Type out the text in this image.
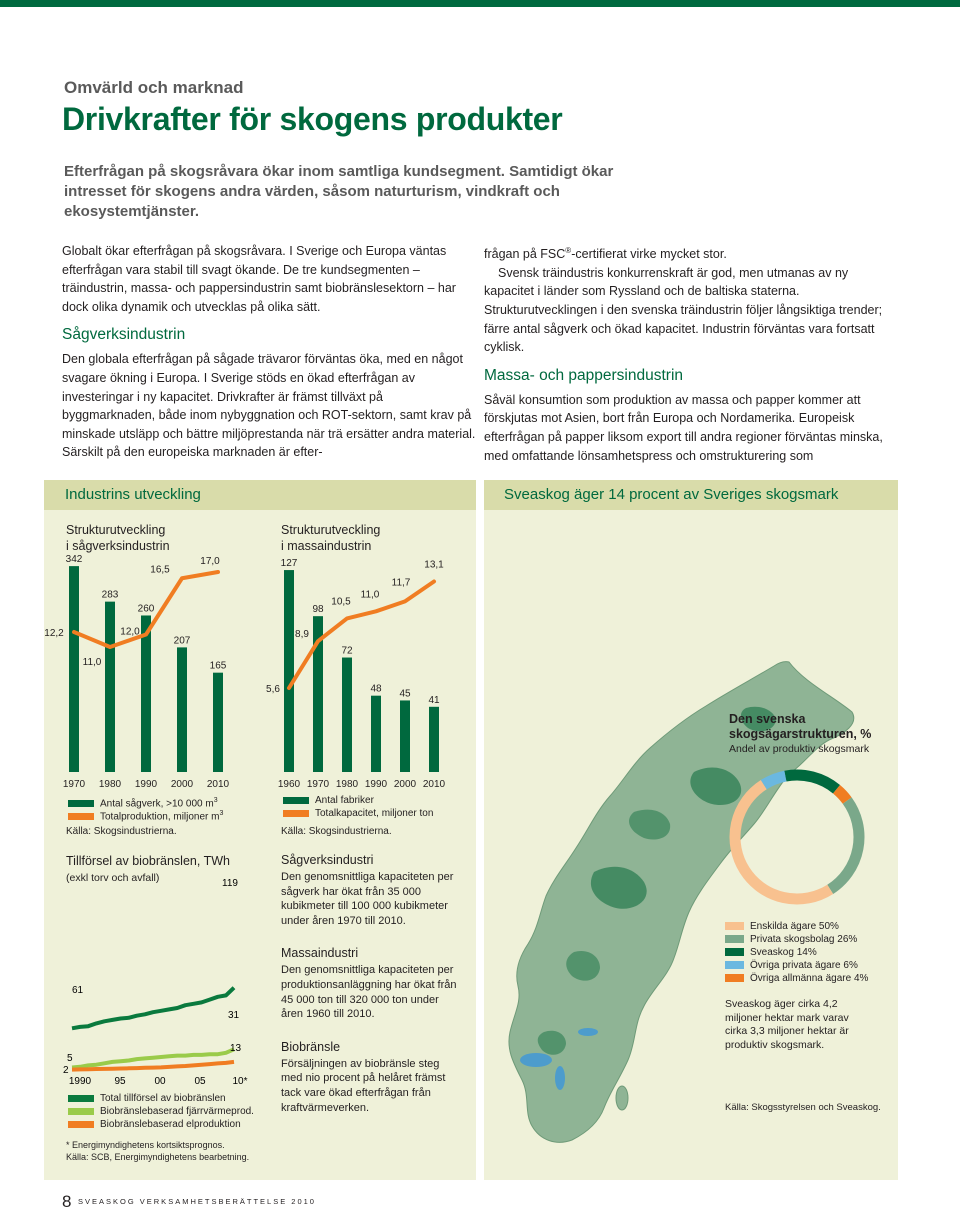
Omvärld och marknad
Drivkrafter för skogens produkter
Efterfrågan på skogsråvara ökar inom samtliga kundsegment. Samtidigt ökar intresset för skogens andra värden, såsom naturturism, vindkraft och ekosystemtjänster.

Globalt ökar efterfrågan på skogsråvara. I Sverige och Europa väntas efterfrågan vara stabil till svagt ökande. De tre kundsegmenten – träindustrin, massa- och pappersindustrin samt biobränslesektorn – har dock olika dynamik och utvecklas på olika sätt.

Sågverksindustrin

Den globala efterfrågan på sågade trävaror förväntas öka, med en något svagare ökning i Europa. I Sverige stöds en ökad efterfrågan av investeringar i ny kapacitet. Drivkrafter är främst tillväxt på byggmarknaden, både inom nybyggnation och ROT-sektorn, samt krav på minskade utsläpp och bättre miljöprestanda när trä ersätter andra material. Särskilt på den europeiska marknaden är efter-

frågan på FSC®-certifierat virke mycket stor.

Svensk träindustris konkurrenskraft är god, men utmanas av ny kapacitet i länder som Ryssland och de baltiska staterna. Strukturutvecklingen i den svenska träindustrin följer långsiktiga trender; färre antal sågverk och ökad kapacitet. Industrin förväntas vara fortsatt cyklisk.

Massa- och pappersindustrin

Såväl konsumtion som produktion av massa och papper kommer att förskjutas mot Asien, bort från Europa och Nordamerika. Europeisk efterfrågan på papper liksom export till andra regioner förväntas minska, med omfattande lönsamhetspress och omstrukturering som

Industrins utveckling	Sveaskog äger 14 procent av Sveriges skogsmark
Strukturutveckling
i sågverksindustrin
Strukturutveckling
i massaindustrin
342
1970
12,2
283
1980
11,0
260
1990
12,0
207
2000
16,5
165
2010
17,0	127
1960
5,6
98
1970
8,9
72
1980
10,5
48
1990
11,0
45
2000
11,7
41
2010
13,1
Antal sågverk, >10 000 $m^3$
Totalproduktion, miljoner $m^3$
Källa: Skogsindustrierna.
Antal fabriker
Totalkapacitet, miljoner ton
Källa: Skogsindustrierna.
Tillförsel av biobränslen, TWh
(exkl torv och avfall)
61
119
5
31
2
13
1990 95	00	05	10*
Total tillförsel av biobränslen
Biobränslebaserad fjärrvärmeprod.
Biobränslebaserad elproduktion
* Energimyndighetens kortsiktsprognos.
Källa: SCB, Energimyndighetens bearbetning.
Sågverksindustri

Den genomsnittliga kapaciteten per sågverk har ökat från 35 000 kubikmeter till 100 000 kubikmeter under åren 1970 till 2010.

Massaindustri

Den genomsnittliga kapaciteten per produktionsanläggning har ökat från 45 000 ton till 320 000 ton under åren 1960 till 2010.

Biobränsle

Försäljningen av biobränsle steg med nio procent på helåret främst tack vare ökad efterfrågan från kraftvärmeverken.

Den svenska
skogsägarstrukturen, %
Andel av produktiv skogsmark
Enskilda ägare 50%
Privata skogsbolag 26%
Sveaskog 14%
Övriga privata ägare 6%
Övriga allmänna ägare 4%
Sveaskog äger cirka 4,2 miljoner hektar mark varav cirka 3,3 miljoner hektar är produktiv skogsmark.
Källa: Skogsstyrelsen och Sveaskog.
8 SVEASKOG VERKSAMHETSBERÄTTELSE 2010
